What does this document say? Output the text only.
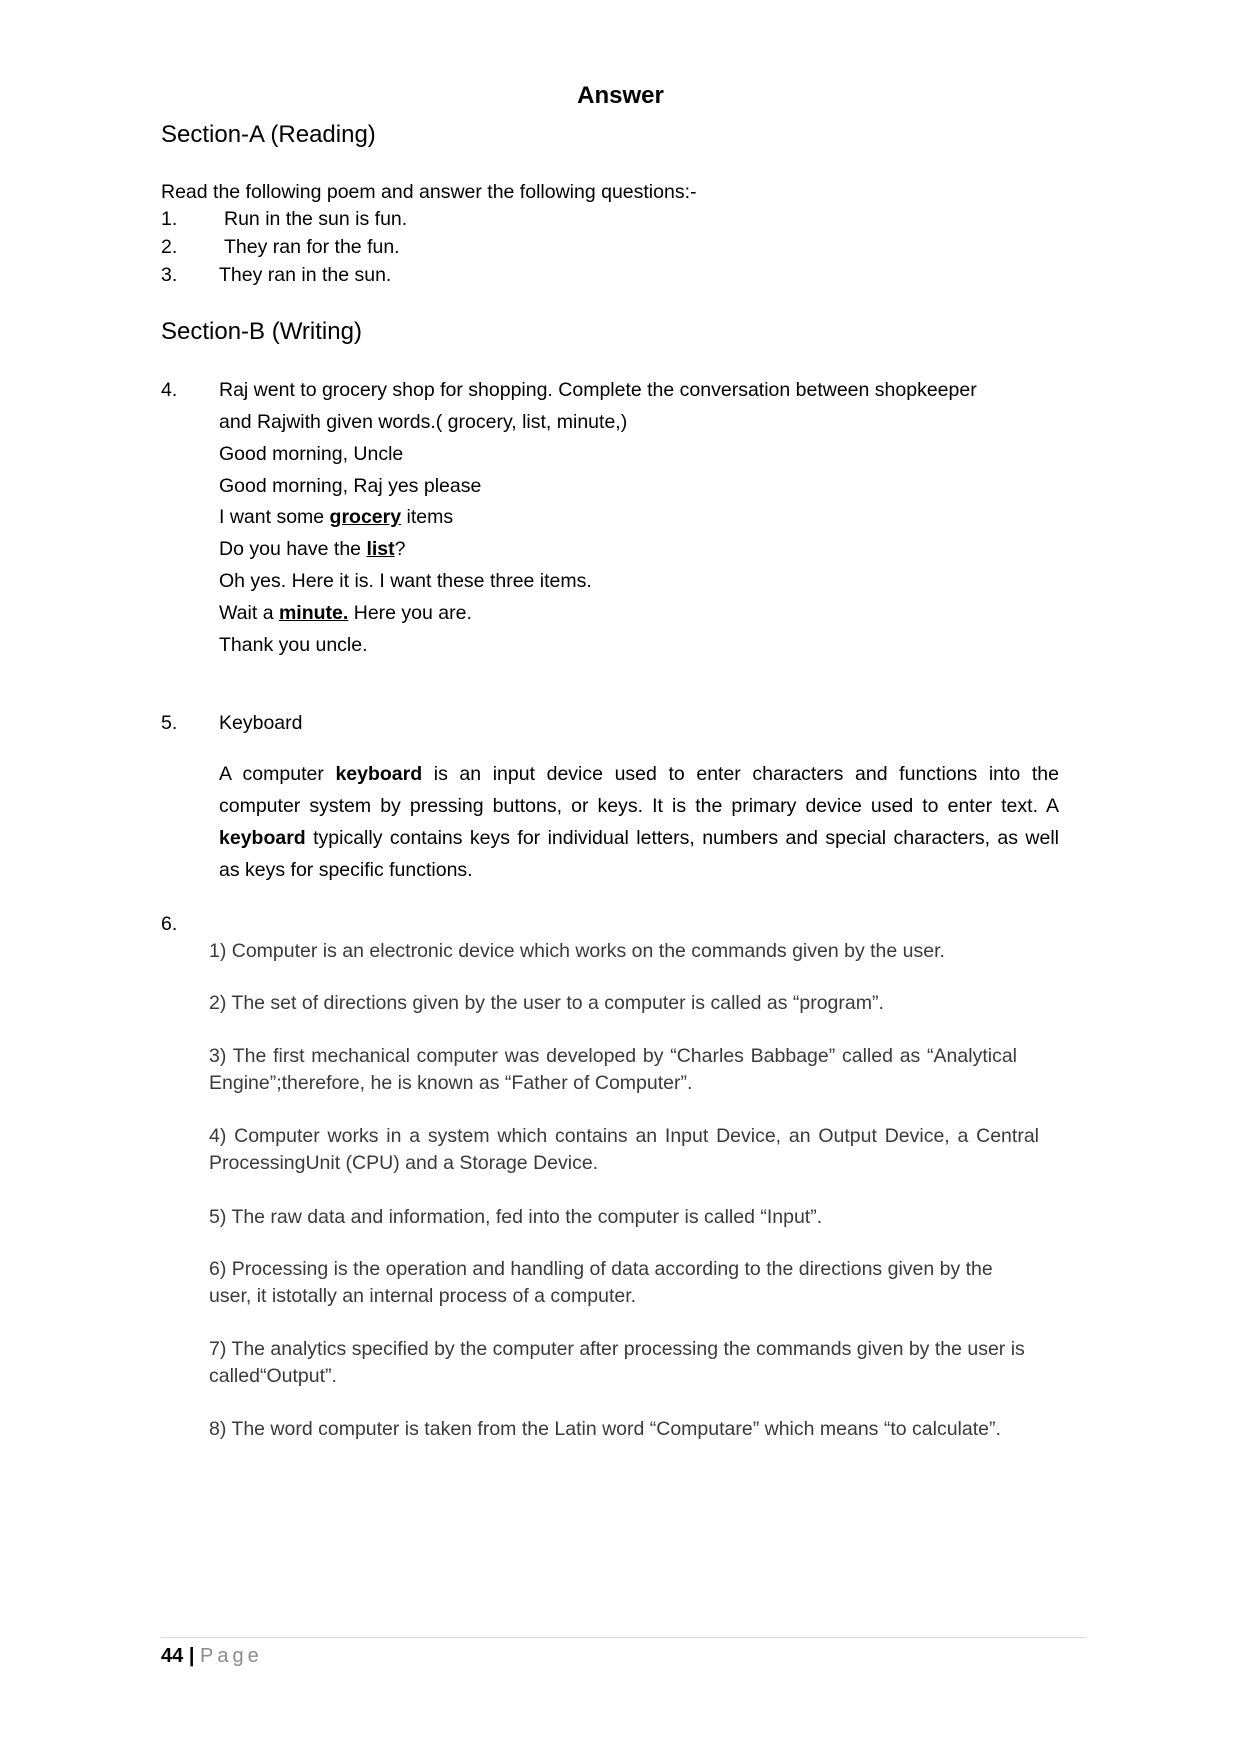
Answer
Section-A (Reading)
Read the following poem and answer the following questions:-
1. Run in the sun is fun.
2. They ran for the fun.
3. They ran in the sun.
Section-B (Writing)
4. Raj went to grocery shop for shopping. Complete the conversation between shopkeeper
and Rajwith given words.( grocery, list, minute,)
Good morning, Uncle
Good morning, Raj yes please
I want some grocery items
Do you have the list?
Oh yes. Here it is. I want these three items.
Wait a minute. Here you are.
Thank you uncle.
5. Keyboard
A computer keyboard is an input device used to enter characters and functions into the computer system by pressing buttons, or keys. It is the primary device used to enter text. A keyboard typically contains keys for individual letters, numbers and special characters, as well as keys for specific functions.
6.
1) Computer is an electronic device which works on the commands given by the user.
2) The set of directions given by the user to a computer is called as “program”.
3) The first mechanical computer was developed by “Charles Babbage” called as “Analytical Engine”;therefore, he is known as “Father of Computer”.
4) Computer works in a system which contains an Input Device, an Output Device, a Central ProcessingUnit (CPU) and a Storage Device.
5) The raw data and information, fed into the computer is called “Input”.
6) Processing is the operation and handling of data according to the directions given by the user, it istotally an internal process of a computer.
7) The analytics specified by the computer after processing the commands given by the user is called“Output”.
8) The word computer is taken from the Latin word “Computare” which means “to calculate”.
44 | Page
